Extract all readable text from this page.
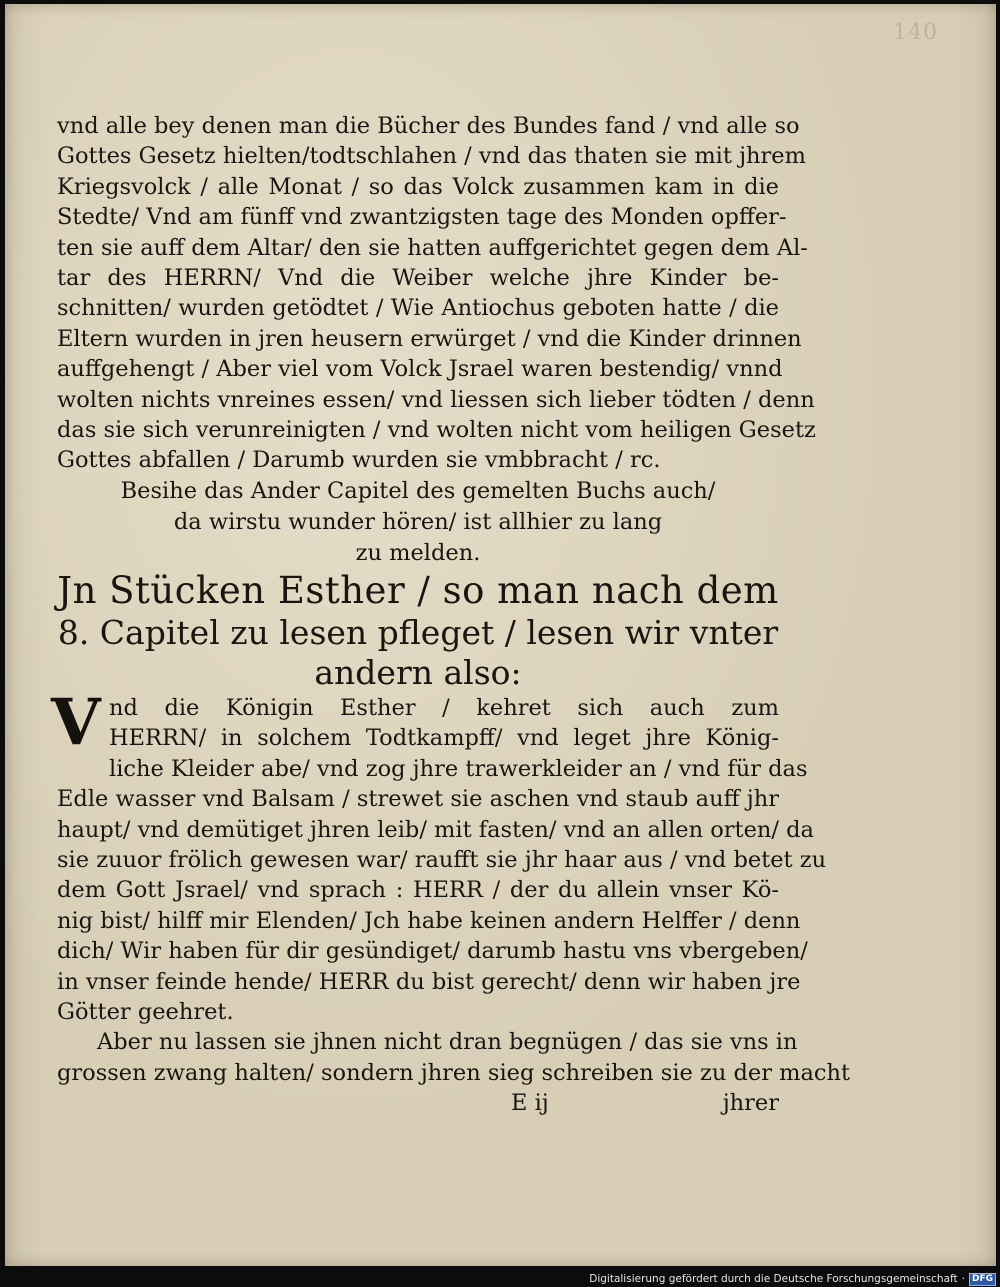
140
vnd alle bey denen man die Bücher des Bundes fand / vnd alle so
Gottes Gesetz hielten/todtschlahen / vnd das thaten sie mit jhrem
Kriegsvolck / alle Monat / so das Volck zusammen kam in die
Stedte/ Vnd am fünff vnd zwantzigsten tage des Monden opffer-
ten sie auff dem Altar/ den sie hatten auffgerichtet gegen dem Al-
tar des HERRN/ Vnd die Weiber welche jhre Kinder be-
schnitten/ wurden getödtet / Wie Antiochus geboten hatte / die
Eltern wurden in jren heusern erwürget / vnd die Kinder drinnen
auffgehengt / Aber viel vom Volck Jsrael waren bestendig/ vnnd
wolten nichts vnreines essen/ vnd liessen sich lieber tödten / denn
das sie sich verunreinigten / vnd wolten nicht vom heiligen Gesetz
Gottes abfallen / Darumb wurden sie vmbbracht / rc.
Besihe das Ander Capitel des gemelten Buchs auch/
da wirstu wunder hören/ ist allhier zu lang
zu melden.
Jn Stücken Esther / so man nach dem
8. Capitel zu lesen pfleget / lesen wir vnter
andern also:
V nd die Königin Esther / kehret sich auch zum
HERRN/ in solchem Todtkampff/ vnd leget jhre König-
liche Kleider abe/ vnd zog jhre trawerkleider an / vnd für das
Edle wasser vnd Balsam / strewet sie aschen vnd staub auff jhr
haupt/ vnd demütiget jhren leib/ mit fasten/ vnd an allen orten/ da
sie zuuor frölich gewesen war/ raufft sie jhr haar aus / vnd betet zu
dem Gott Jsrael/ vnd sprach : HERR / der du allein vnser Kö-
nig bist/ hilff mir Elenden/ Jch habe keinen andern Helffer / denn
dich/ Wir haben für dir gesündiget/ darumb hastu vns vbergeben/
in vnser feinde hende/ HERR du bist gerecht/ denn wir haben jre
Götter geehret.
Aber nu lassen sie jhnen nicht dran begnügen / das sie vns in
grossen zwang halten/ sondern jhren sieg schreiben sie zu der macht
E ij	jhrer
Digitalisierung gefördert durch die Deutsche Forschungsgemeinschaft · DFG
